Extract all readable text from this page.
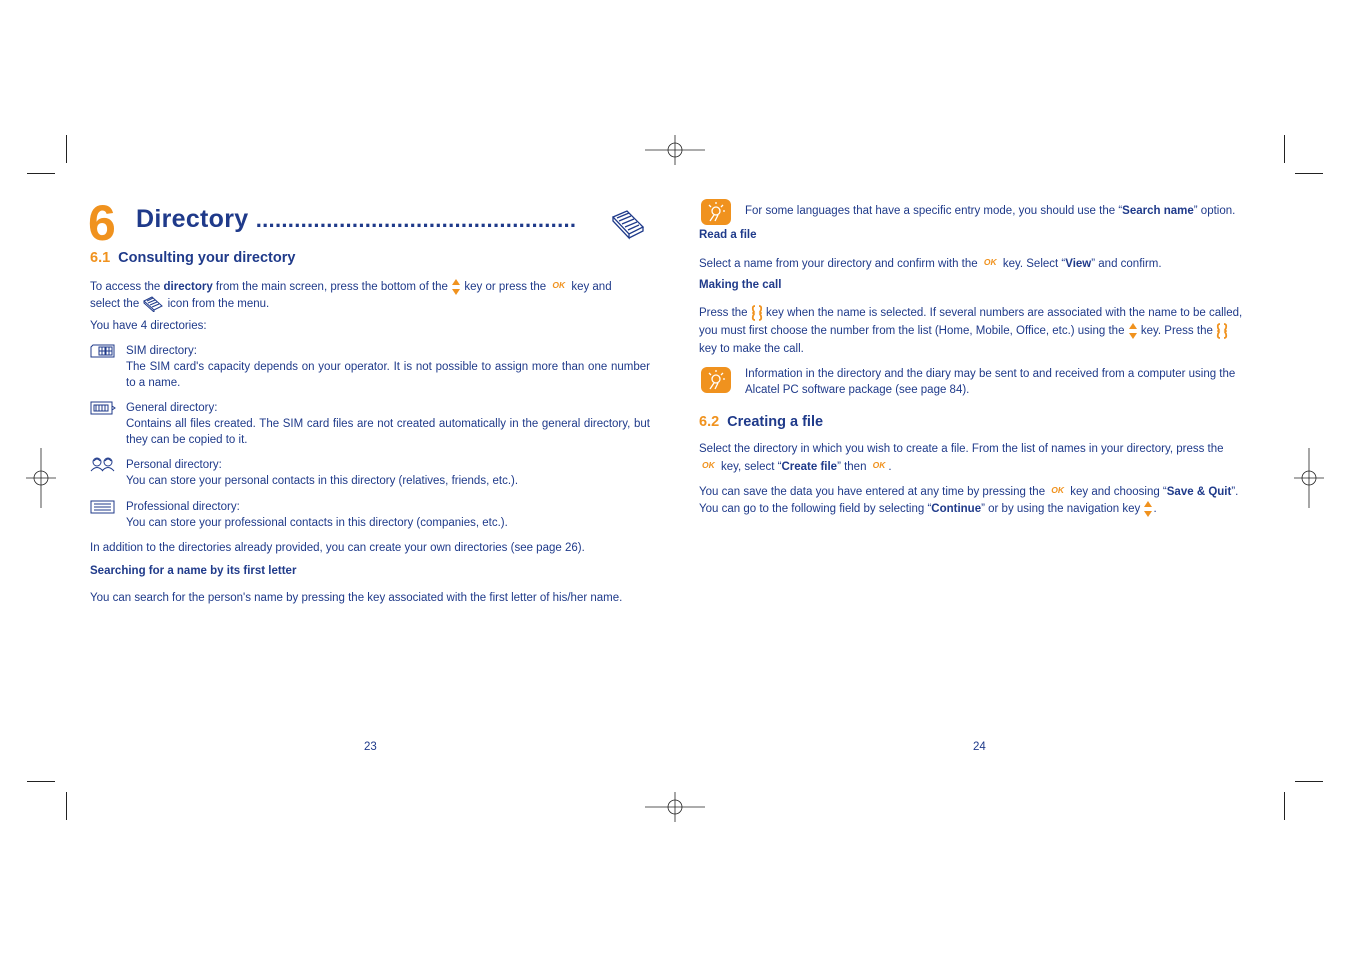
6 Directory ..................................................
6.1 Consulting your directory

To access the directory from the main screen, press the bottom of the  key or press the OK key and
select the  icon from the menu.

You have 4 directories:

SIM directory:

The SIM card's capacity depends on your operator. It is not possible to assign more than one number to a name.

General directory:

Contains all files created. The SIM card files are not created automatically in the general directory, but they can be copied to it.

Personal directory:

You can store your personal contacts in this directory (relatives, friends, etc.).

Professional directory:

You can store your professional contacts in this directory (companies, etc.).

In addition to the directories already provided, you can create your own directories (see page 26).

Searching for a name by its first letter

You can search for the person's name by pressing the key associated with the first letter of his/her name.

23

For some languages that have a specific entry mode, you should use the “Search name” option.

Read a file

Select a name from your directory and confirm with the OK key. Select “View” and confirm.

Making the call

Press the  key when the name is selected. If several numbers are associated with the name to be called,
you must first choose the number from the list (Home, Mobile, Office, etc.) using the  key. Press the
key to make the call.

Information in the directory and the diary may be sent to and received from a computer using the Alcatel PC software package (see page 84).

6.2 Creating a file

Select the directory in which you wish to create a file. From the list of names in your directory, press the
OK key, select “Create file” then OK .

You can save the data you have entered at any time by pressing the OK key and choosing “Save & Quit”.
You can go to the following field by selecting “Continue” or by using the navigation key .

24
